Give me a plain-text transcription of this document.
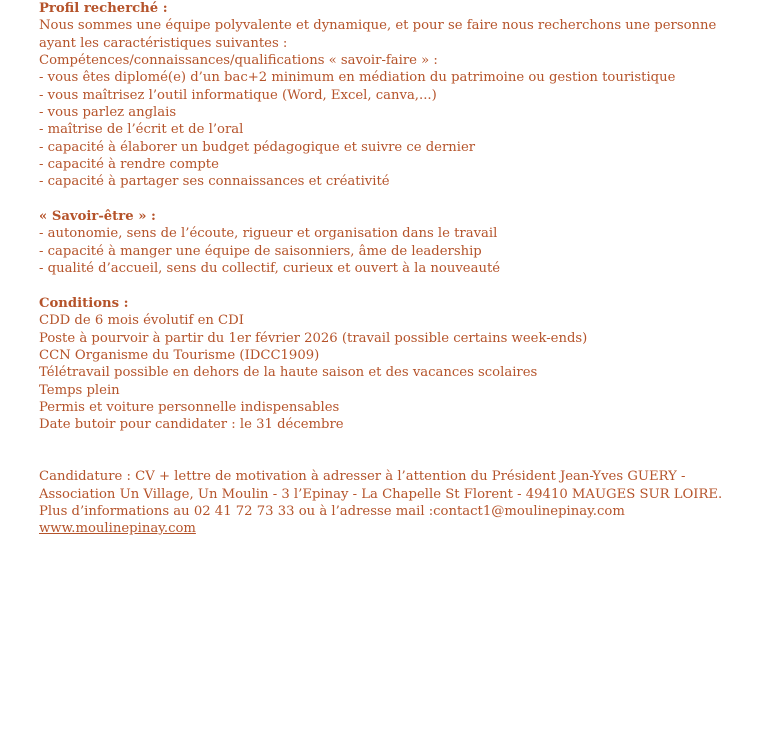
Profil recherché :
Nous sommes une équipe polyvalente et dynamique, et pour se faire nous recherchons une personne ayant les caractéristiques suivantes :
Compétences/connaissances/qualifications « savoir-faire » :
- vous êtes diplomé(e) d’un bac+2 minimum en médiation du patrimoine ou gestion touristique
- vous maîtrisez l’outil informatique (Word, Excel, canva,...)
- vous parlez anglais
- maîtrise de l’écrit et de l’oral
- capacité à élaborer un budget pédagogique et suivre ce dernier
- capacité à rendre compte
- capacité à partager ses connaissances et créativité
« Savoir-être » :
- autonomie, sens de l’écoute, rigueur et organisation dans le travail
- capacité à manger une équipe de saisonniers, âme de leadership
- qualité d’accueil, sens du collectif, curieux et ouvert à la nouveauté
Conditions :
CDD de 6 mois évolutif en CDI
Poste à pourvoir à partir du 1er février 2026 (travail possible certains week-ends)
CCN Organisme du Tourisme (IDCC1909)
Télétravail possible en dehors de la haute saison et des vacances scolaires
Temps plein
Permis et voiture personnelle indispensables
Date butoir pour candidater : le 31 décembre
Candidature : CV + lettre de motivation à adresser à l’attention du Président Jean-Yves GUERY -
Association Un Village, Un Moulin - 3 l’Epinay - La Chapelle St Florent - 49410 MAUGES SUR LOIRE.
Plus d’informations au 02 41 72 73 33 ou à l’adresse mail :contact1@moulinepinay.com
www.moulinepinay.com
